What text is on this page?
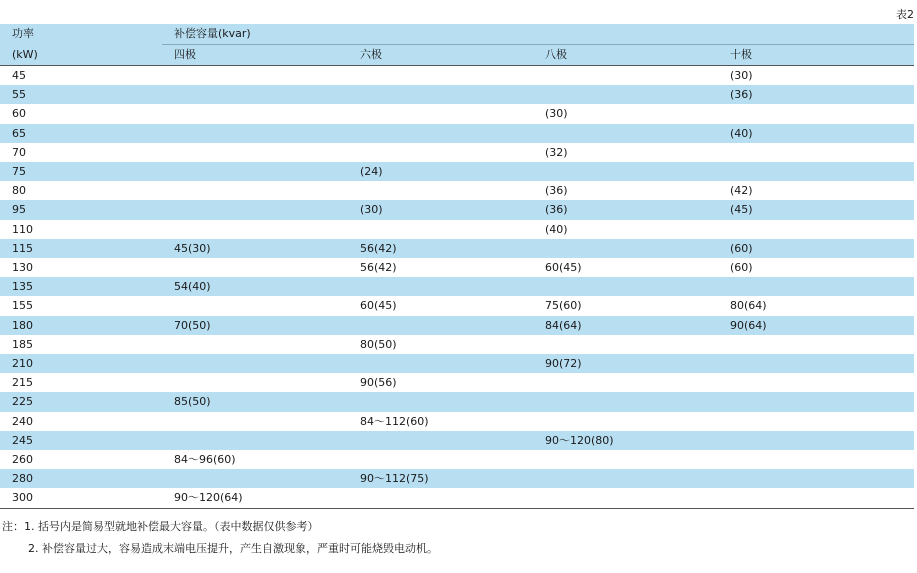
表2
功率	补偿容量(kvar)			
(kW)	四极	六极	八极	十极
45				(30)
55				(36)
60			(30)	
65				(40)
70			(32)	
75		(24)		
80			(36)	(42)
95		(30)	(36)	(45)
110			(40)	
115	45(30)	56(42)		(60)
130		56(42)	60(45)	(60)
135	54(40)			
155		60(45)	75(60)	80(64)
180	70(50)		84(64)	90(64)
185		80(50)		
210			90(72)	
215		90(56)		
225	85(50)			
240		84～112(60)		
245			90～120(80)	
260	84～96(60)			
280		90～112(75)		
300	90～120(64)			
注：1. 括号内是简易型就地补偿最大容量。（表中数据仅供参考）
2. 补偿容量过大，容易造成末端电压提升，产生自激现象，严重时可能烧毁电动机。
